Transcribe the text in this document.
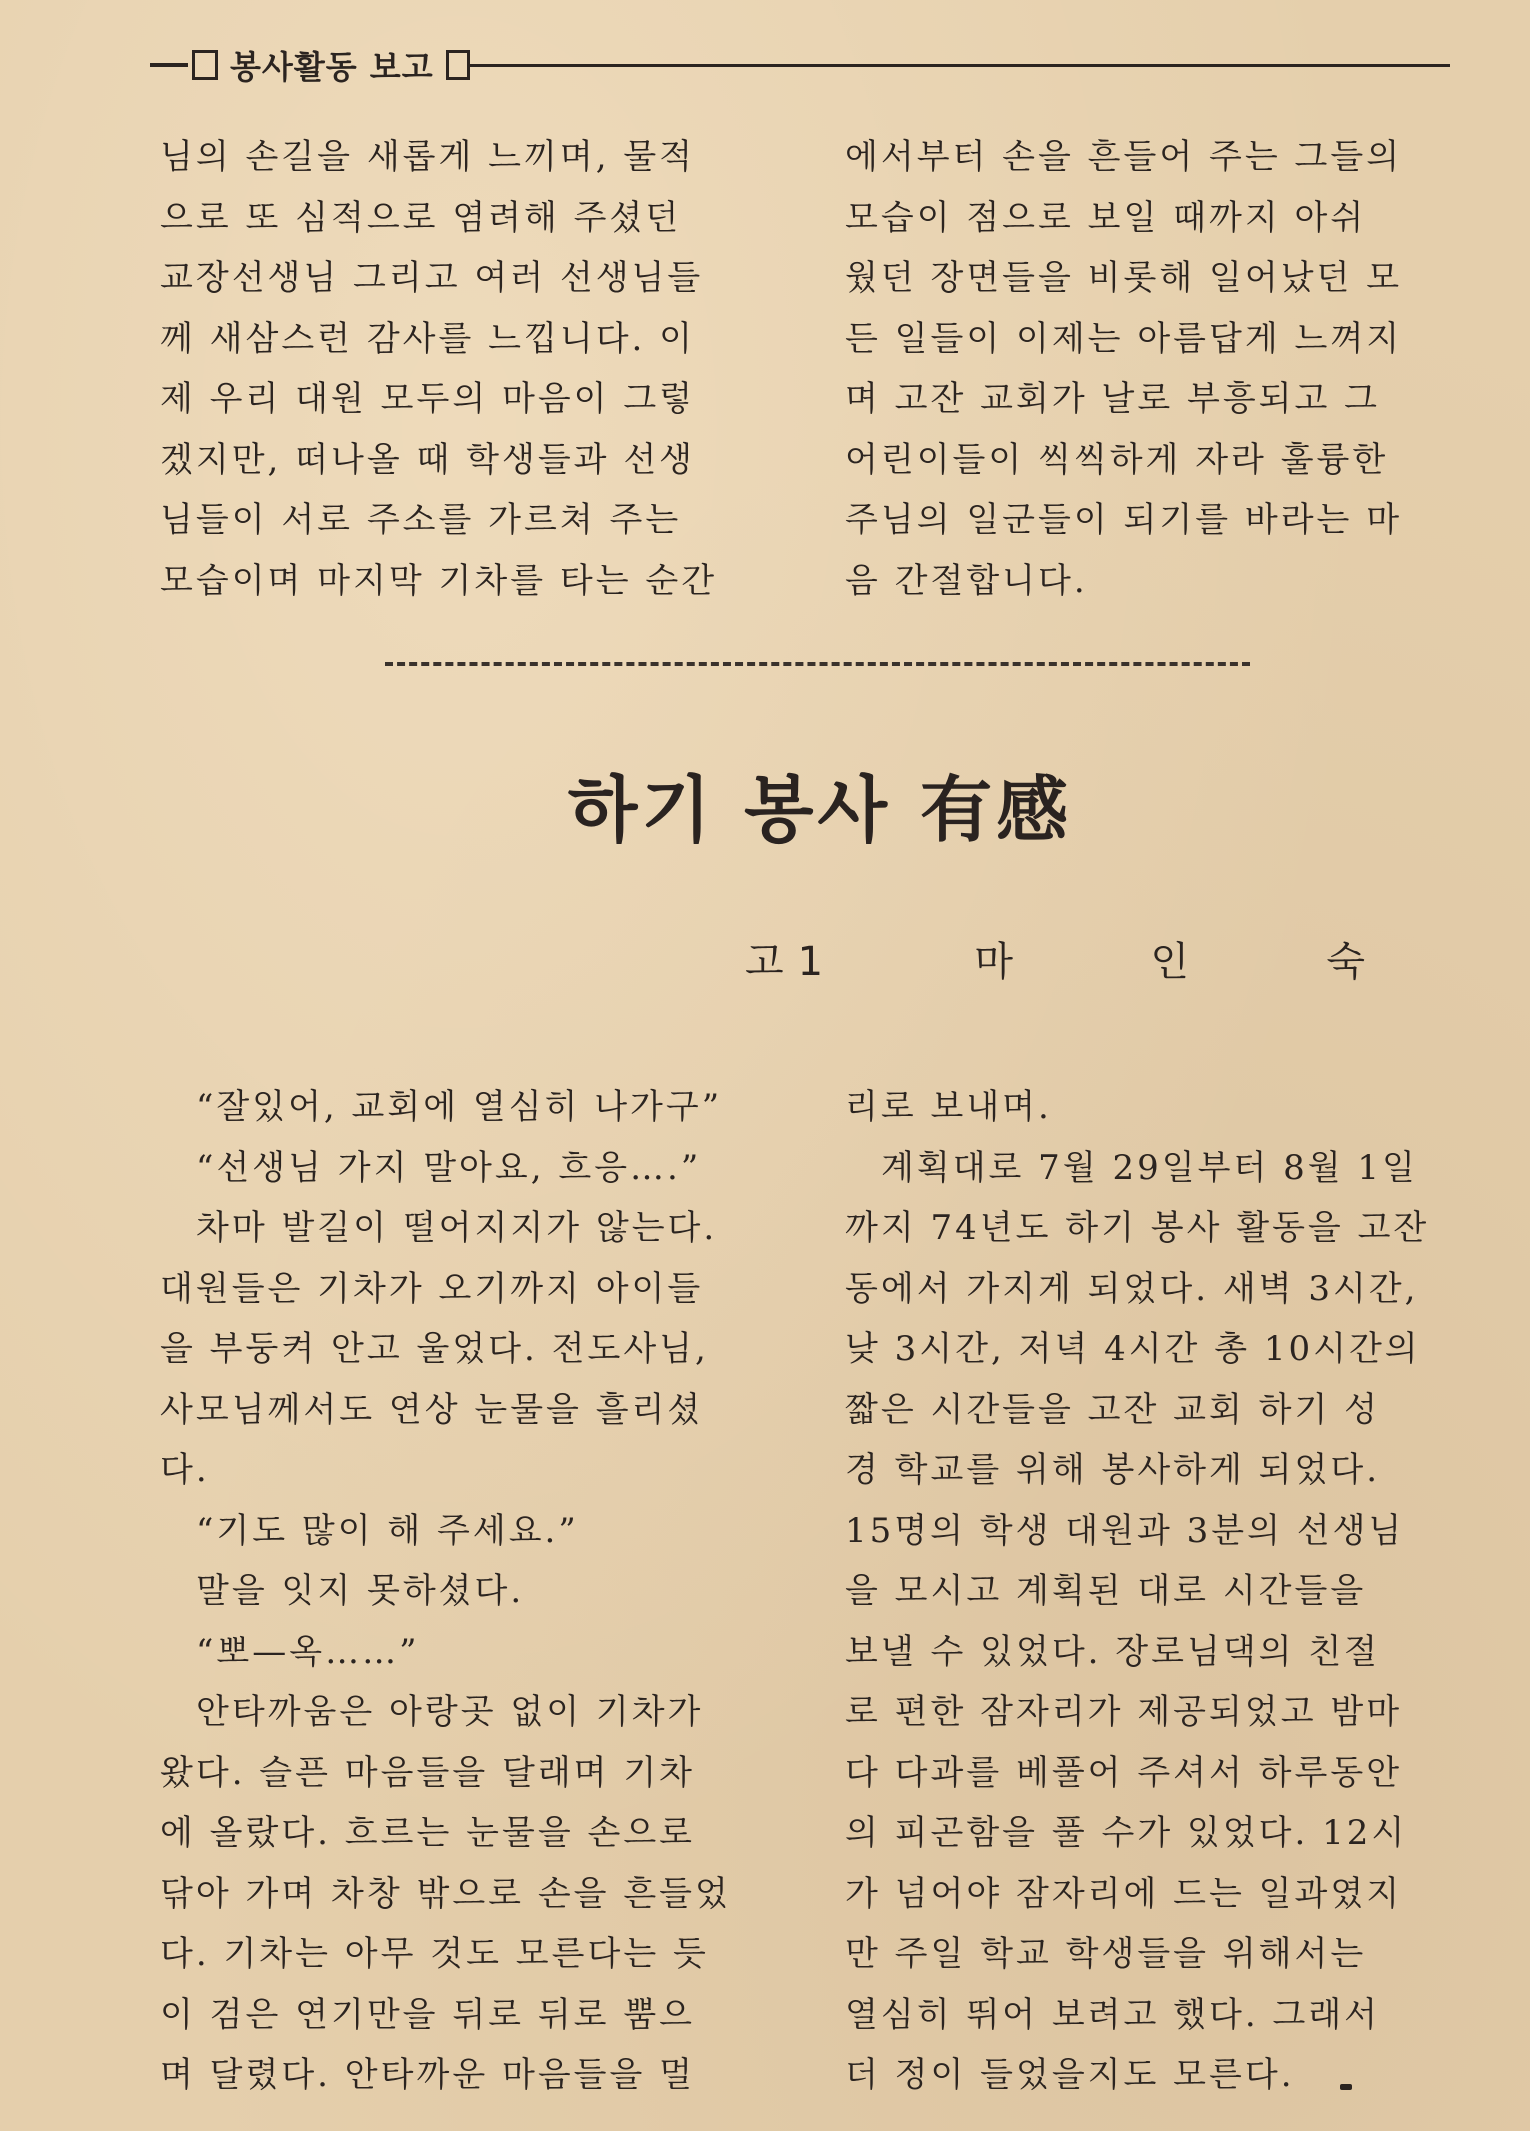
봉사활동 보고
님의 손길을 새롭게 느끼며, 물적
으로 또 심적으로 염려해 주셨던
교장선생님 그리고 여러 선생님들
께 새삼스런 감사를 느낍니다. 이
제 우리 대원 모두의 마음이 그렇
겠지만, 떠나올 때 학생들과 선생
님들이 서로 주소를 가르쳐 주는
모습이며 마지막 기차를 타는 순간
에서부터 손을 흔들어 주는 그들의
모습이 점으로 보일 때까지 아쉬
웠던 장면들을 비롯해 일어났던 모
든 일들이 이제는 아름답게 느껴지
며 고잔 교회가 날로 부흥되고 그
어린이들이 씩씩하게 자라 훌륭한
주님의 일군들이 되기를 바라는 마
음 간절합니다.
하기 봉사 有感
고1	마	인	숙
“잘있어, 교회에 열심히 나가구”
“선생님 가지 말아요, 흐응….”
차마 발길이 떨어지지가 않는다.
대원들은 기차가 오기까지 아이들
을 부둥켜 안고 울었다. 전도사님,
사모님께서도 연상 눈물을 흘리셨
다.
“기도 많이 해 주세요.”
말을 잇지 못하셨다.
“뽀—옥……”
안타까움은 아랑곳 없이 기차가
왔다. 슬픈 마음들을 달래며 기차
에 올랐다. 흐르는 눈물을 손으로
닦아 가며 차창 밖으로 손을 흔들었
다. 기차는 아무 것도 모른다는 듯
이 검은 연기만을 뒤로 뒤로 뿜으
며 달렸다. 안타까운 마음들을 멀
리로 보내며.
계획대로 7월 29일부터 8월 1일
까지 74년도 하기 봉사 활동을 고잔
동에서 가지게 되었다. 새벽 3시간,
낮 3시간, 저녁 4시간 총 10시간의
짧은 시간들을 고잔 교회 하기 성
경 학교를 위해 봉사하게 되었다.
15명의 학생 대원과 3분의 선생님
을 모시고 계획된 대로 시간들을
보낼 수 있었다. 장로님댁의 친절
로 편한 잠자리가 제공되었고 밤마
다 다과를 베풀어 주셔서 하루동안
의 피곤함을 풀 수가 있었다. 12시
가 넘어야 잠자리에 드는 일과였지
만 주일 학교 학생들을 위해서는
열심히 뛰어 보려고 했다. 그래서
더 정이 들었을지도 모른다.
